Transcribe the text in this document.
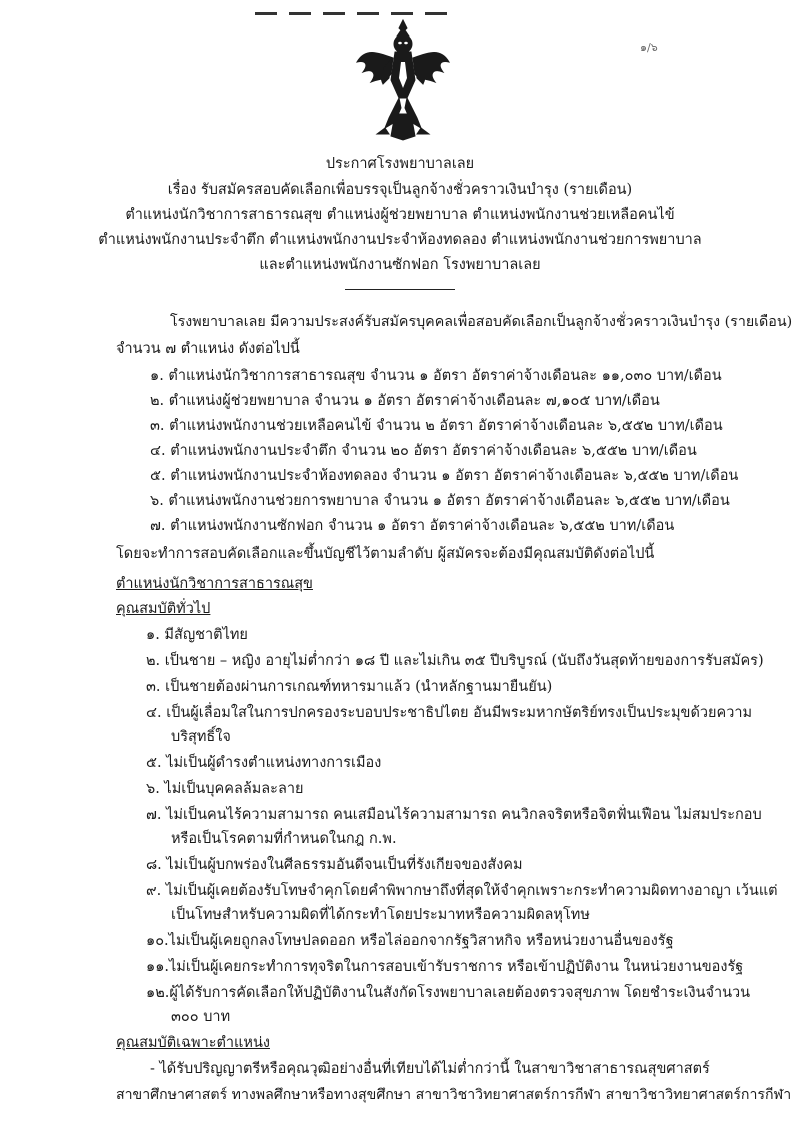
๑/๖
ประกาศโรงพยาบาลเลย
เรื่อง รับสมัครสอบคัดเลือกเพื่อบรรจุเป็นลูกจ้างชั่วคราวเงินบำรุง (รายเดือน)
ตำแหน่งนักวิชาการสาธารณสุข ตำแหน่งผู้ช่วยพยาบาล ตำแหน่งพนักงานช่วยเหลือคนไข้
ตำแหน่งพนักงานประจำตึก ตำแหน่งพนักงานประจำห้องทดลอง ตำแหน่งพนักงานช่วยการพยาบาล
และตำแหน่งพนักงานซักฟอก โรงพยาบาลเลย
โรงพยาบาลเลย มีความประสงค์รับสมัครบุคคลเพื่อสอบคัดเลือกเป็นลูกจ้างชั่วคราวเงินบำรุง (รายเดือน)
จำนวน ๗ ตำแหน่ง ดังต่อไปนี้
๑. ตำแหน่งนักวิชาการสาธารณสุข จำนวน ๑ อัตรา อัตราค่าจ้างเดือนละ ๑๑,๐๓๐ บาท/เดือน
๒. ตำแหน่งผู้ช่วยพยาบาล จำนวน ๑ อัตรา อัตราค่าจ้างเดือนละ ๗,๑๐๕ บาท/เดือน
๓. ตำแหน่งพนักงานช่วยเหลือคนไข้ จำนวน ๒ อัตรา อัตราค่าจ้างเดือนละ ๖,๕๕๒ บาท/เดือน
๔. ตำแหน่งพนักงานประจำตึก จำนวน ๒๐ อัตรา อัตราค่าจ้างเดือนละ ๖,๕๕๒ บาท/เดือน
๕. ตำแหน่งพนักงานประจำห้องทดลอง จำนวน ๑ อัตรา อัตราค่าจ้างเดือนละ ๖,๕๕๒ บาท/เดือน
๖. ตำแหน่งพนักงานช่วยการพยาบาล จำนวน ๑ อัตรา อัตราค่าจ้างเดือนละ ๖,๕๕๒ บาท/เดือน
๗. ตำแหน่งพนักงานซักฟอก จำนวน ๑ อัตรา อัตราค่าจ้างเดือนละ ๖,๕๕๒ บาท/เดือน
โดยจะทำการสอบคัดเลือกและขึ้นบัญชีไว้ตามลำดับ ผู้สมัครจะต้องมีคุณสมบัติดังต่อไปนี้
ตำแหน่งนักวิชาการสาธารณสุข
คุณสมบัติทั่วไป
๑. มีสัญชาติไทย
๒. เป็นชาย – หญิง อายุไม่ต่ำกว่า ๑๘ ปี และไม่เกิน ๓๕ ปีบริบูรณ์ (นับถึงวันสุดท้ายของการรับสมัคร)
๓. เป็นชายต้องผ่านการเกณฑ์ทหารมาแล้ว (นำหลักฐานมายืนยัน)
๔. เป็นผู้เลื่อมใสในการปกครองระบอบประชาธิปไตย อันมีพระมหากษัตริย์ทรงเป็นประมุขด้วยความ
บริสุทธิ์ใจ
๕. ไม่เป็นผู้ดำรงตำแหน่งทางการเมือง
๖. ไม่เป็นบุคคลล้มละลาย
๗. ไม่เป็นคนไร้ความสามารถ คนเสมือนไร้ความสามารถ คนวิกลจริตหรือจิตฟั่นเฟือน ไม่สมประกอบ
หรือเป็นโรคตามที่กำหนดในกฎ ก.พ.
๘. ไม่เป็นผู้บกพร่องในศีลธรรมอันดีจนเป็นที่รังเกียจของสังคม
๙. ไม่เป็นผู้เคยต้องรับโทษจำคุกโดยคำพิพากษาถึงที่สุดให้จำคุกเพราะกระทำความผิดทางอาญา เว้นแต่
เป็นโทษสำหรับความผิดที่ได้กระทำโดยประมาทหรือความผิดลหุโทษ
๑๐.ไม่เป็นผู้เคยถูกลงโทษปลดออก หรือไล่ออกจากรัฐวิสาหกิจ หรือหน่วยงานอื่นของรัฐ
๑๑.ไม่เป็นผู้เคยกระทำการทุจริตในการสอบเข้ารับราชการ หรือเข้าปฏิบัติงาน ในหน่วยงานของรัฐ
๑๒.ผู้ได้รับการคัดเลือกให้ปฏิบัติงานในสังกัดโรงพยาบาลเลยต้องตรวจสุขภาพ โดยชำระเงินจำนวน
๓๐๐ บาท
คุณสมบัติเฉพาะตำแหน่ง
- ได้รับปริญญาตรีหรือคุณวุฒิอย่างอื่นที่เทียบได้ไม่ต่ำกว่านี้ ในสาขาวิชาสาธารณสุขศาสตร์
สาขาศึกษาศาสตร์ ทางพลศึกษาหรือทางสุขศึกษา สาขาวิชาวิทยาศาสตร์การกีฬา สาขาวิชาวิทยาศาสตร์การกีฬา
